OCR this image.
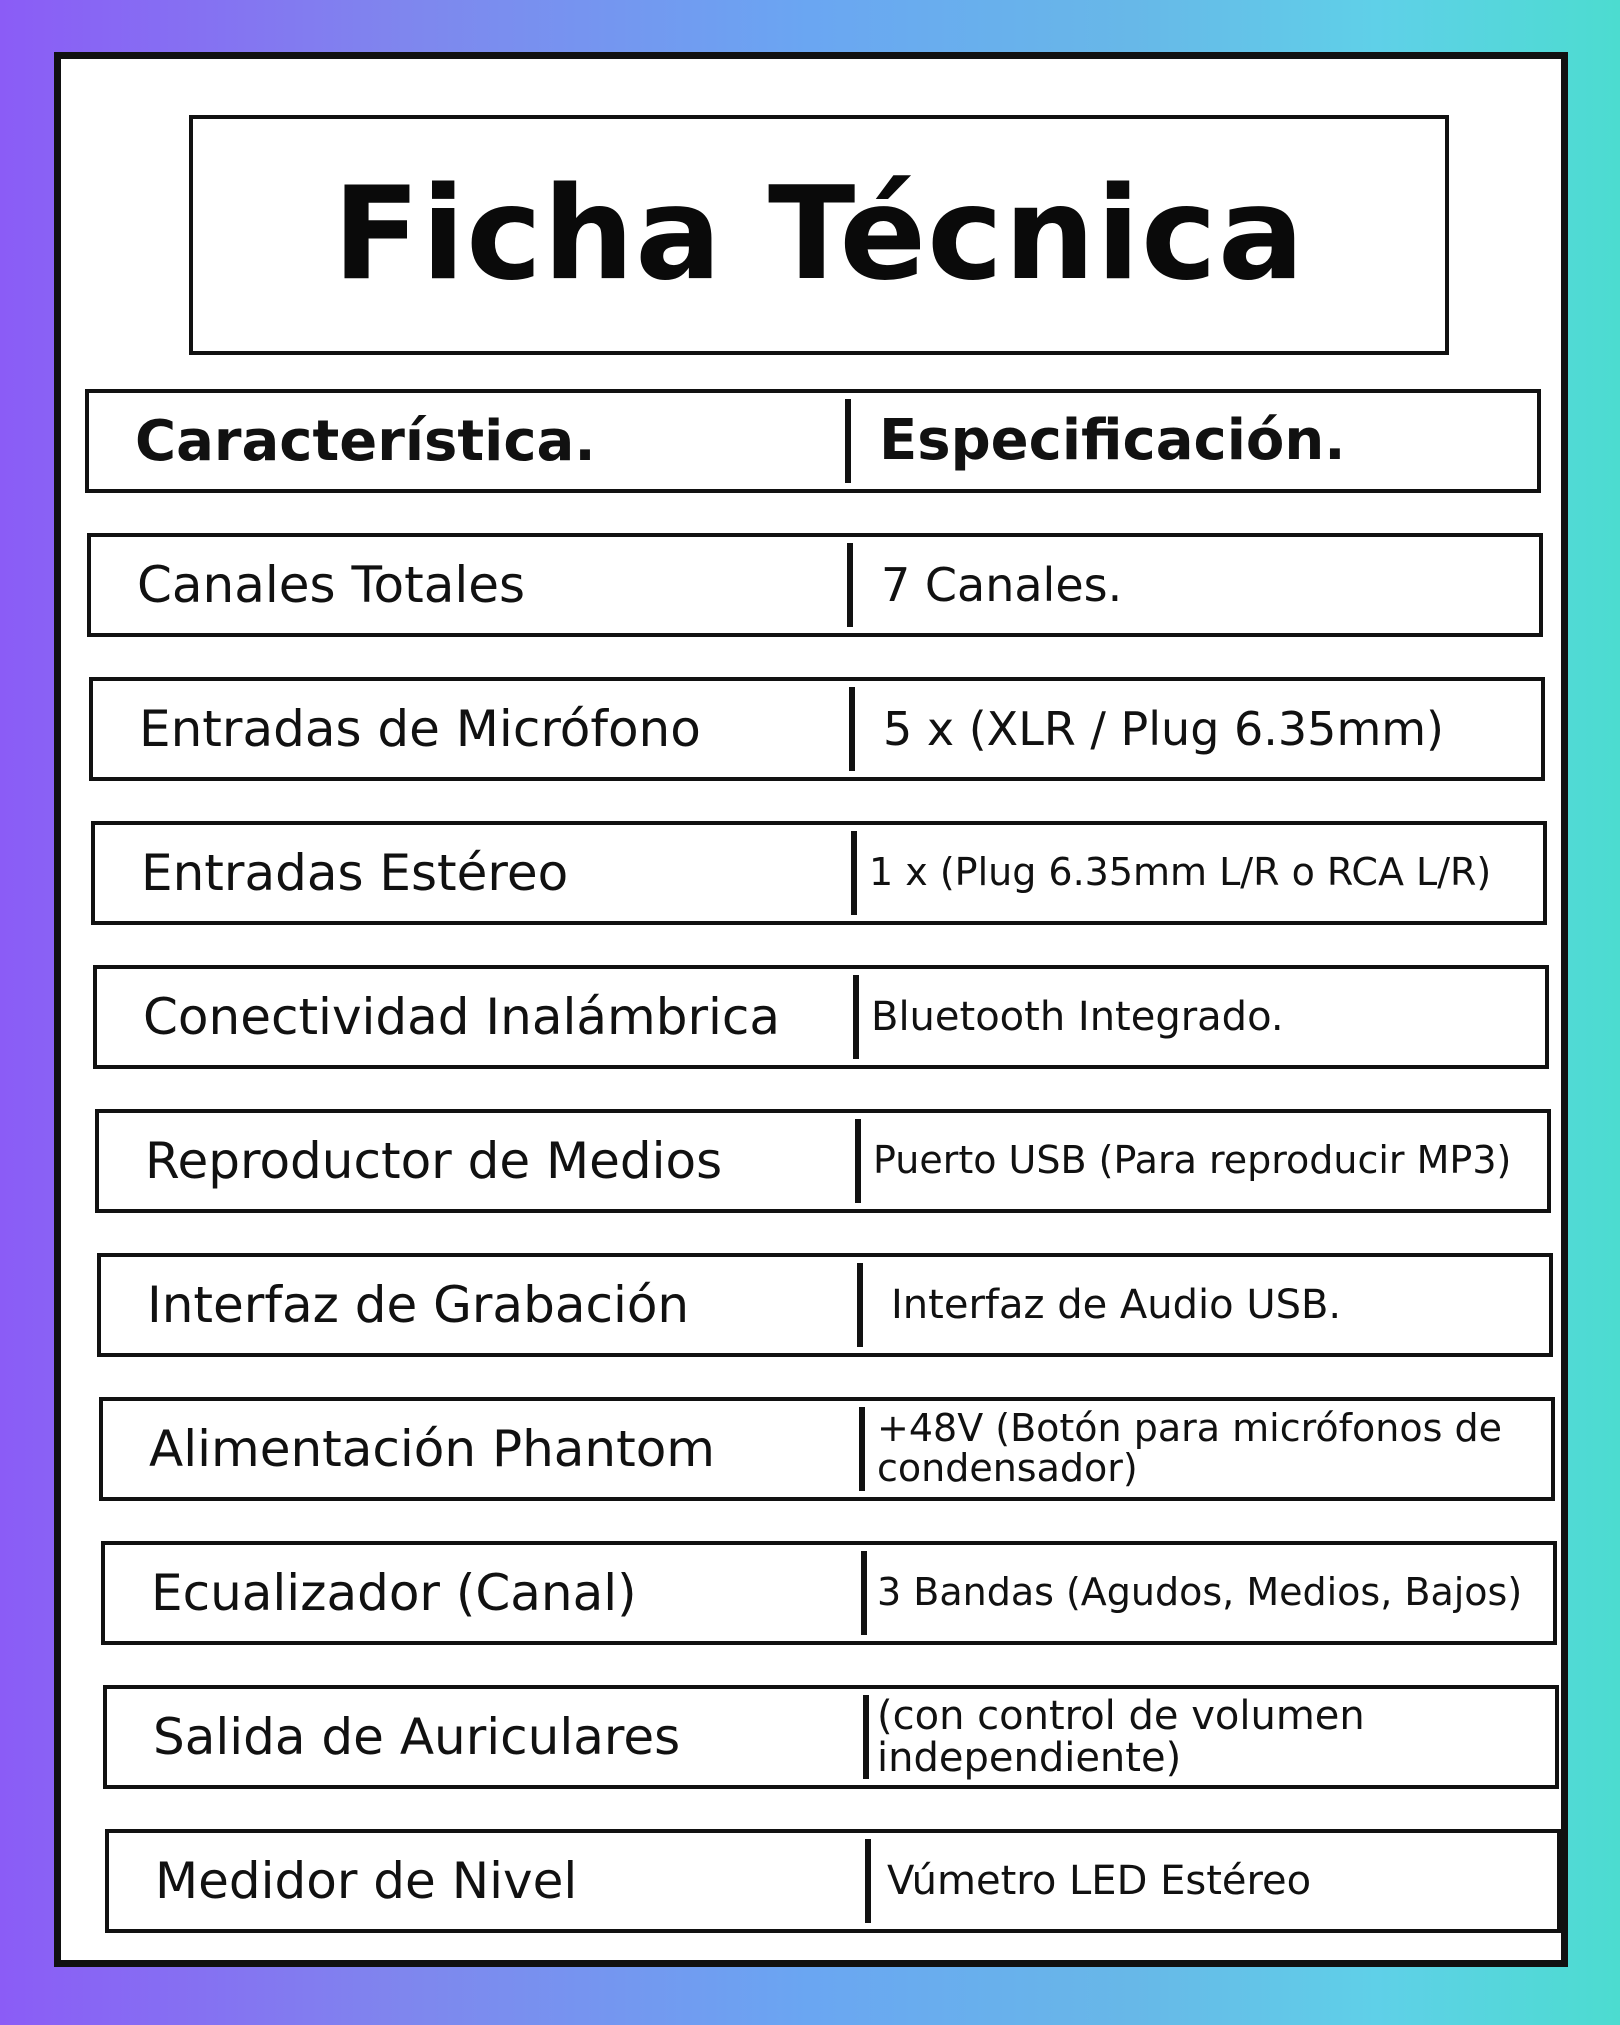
Ficha Técnica
Característica.	Especificación.
Canales Totales	7 Canales.
Entradas de Micrófono	5 x (XLR / Plug 6.35mm)
Entradas Estéreo	1 x (Plug 6.35mm L/R o RCA L/R)
Conectividad Inalámbrica	Bluetooth Integrado.
Reproductor de Medios	Puerto USB (Para reproducir MP3)
Interfaz de Grabación	Interfaz de Audio USB.
Alimentación Phantom	+48V (Botón para micrófonos de condensador)
Ecualizador (Canal)	3 Bandas (Agudos, Medios, Bajos)
Salida de Auriculares	(con control de volumen independiente)
Medidor de Nivel	Vúmetro LED Estéreo
